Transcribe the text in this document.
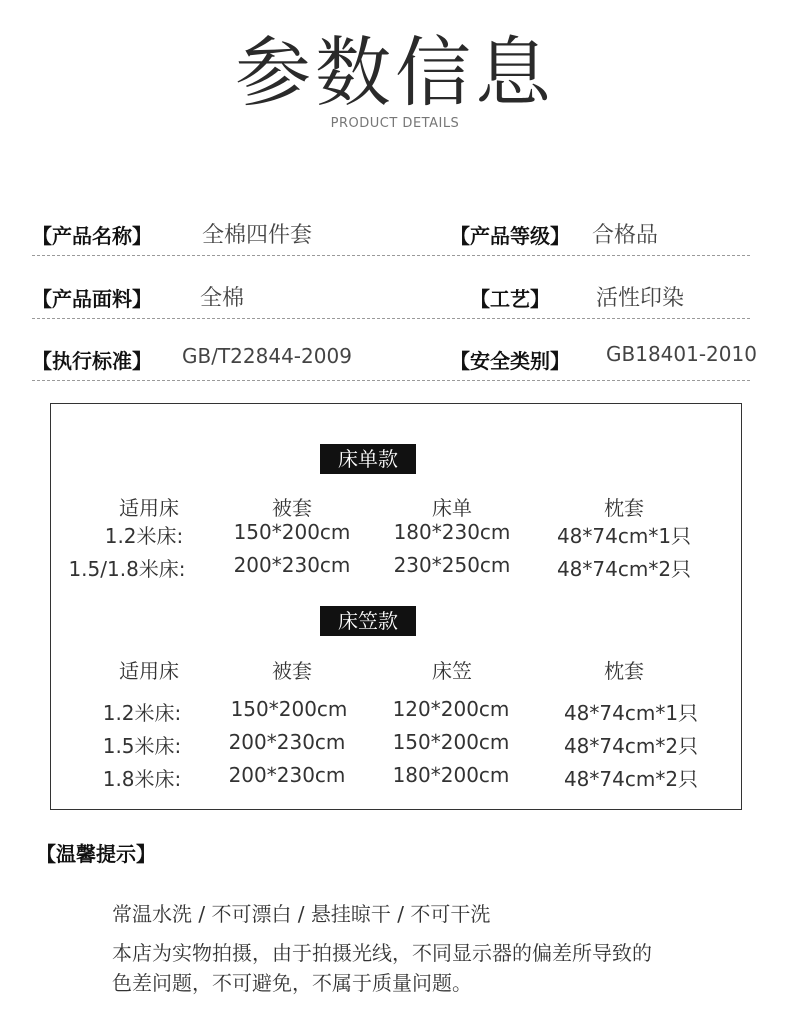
参数信息
PRODUCT DETAILS
【产品名称】 全棉四件套	【产品等级】 合格品
【产品面料】 全棉	【工艺】 活性印染
【执行标准】 GB/T22844-2009	【安全类别】 GB18401-2010
床单款
适用床	被套	床单	枕套
1.2米床:	150*200cm 180*230cm 48*74cm*1只
1.5/1.8米床: 200*230cm 230*250cm 48*74cm*2只
床笠款
适用床	被套	床笠	枕套
1.2米床: 150*200cm 120*200cm	48*74cm*1只
1.5米床: 200*230cm 150*200cm	48*74cm*2只
1.8米床: 200*230cm 180*200cm	48*74cm*2只
【温馨提示】
常温水洗 / 不可漂白 / 悬挂晾干 / 不可干洗
本店为实物拍摄，由于拍摄光线，不同显示器的偏差所导致的
色差问题，不可避免，不属于质量问题。
